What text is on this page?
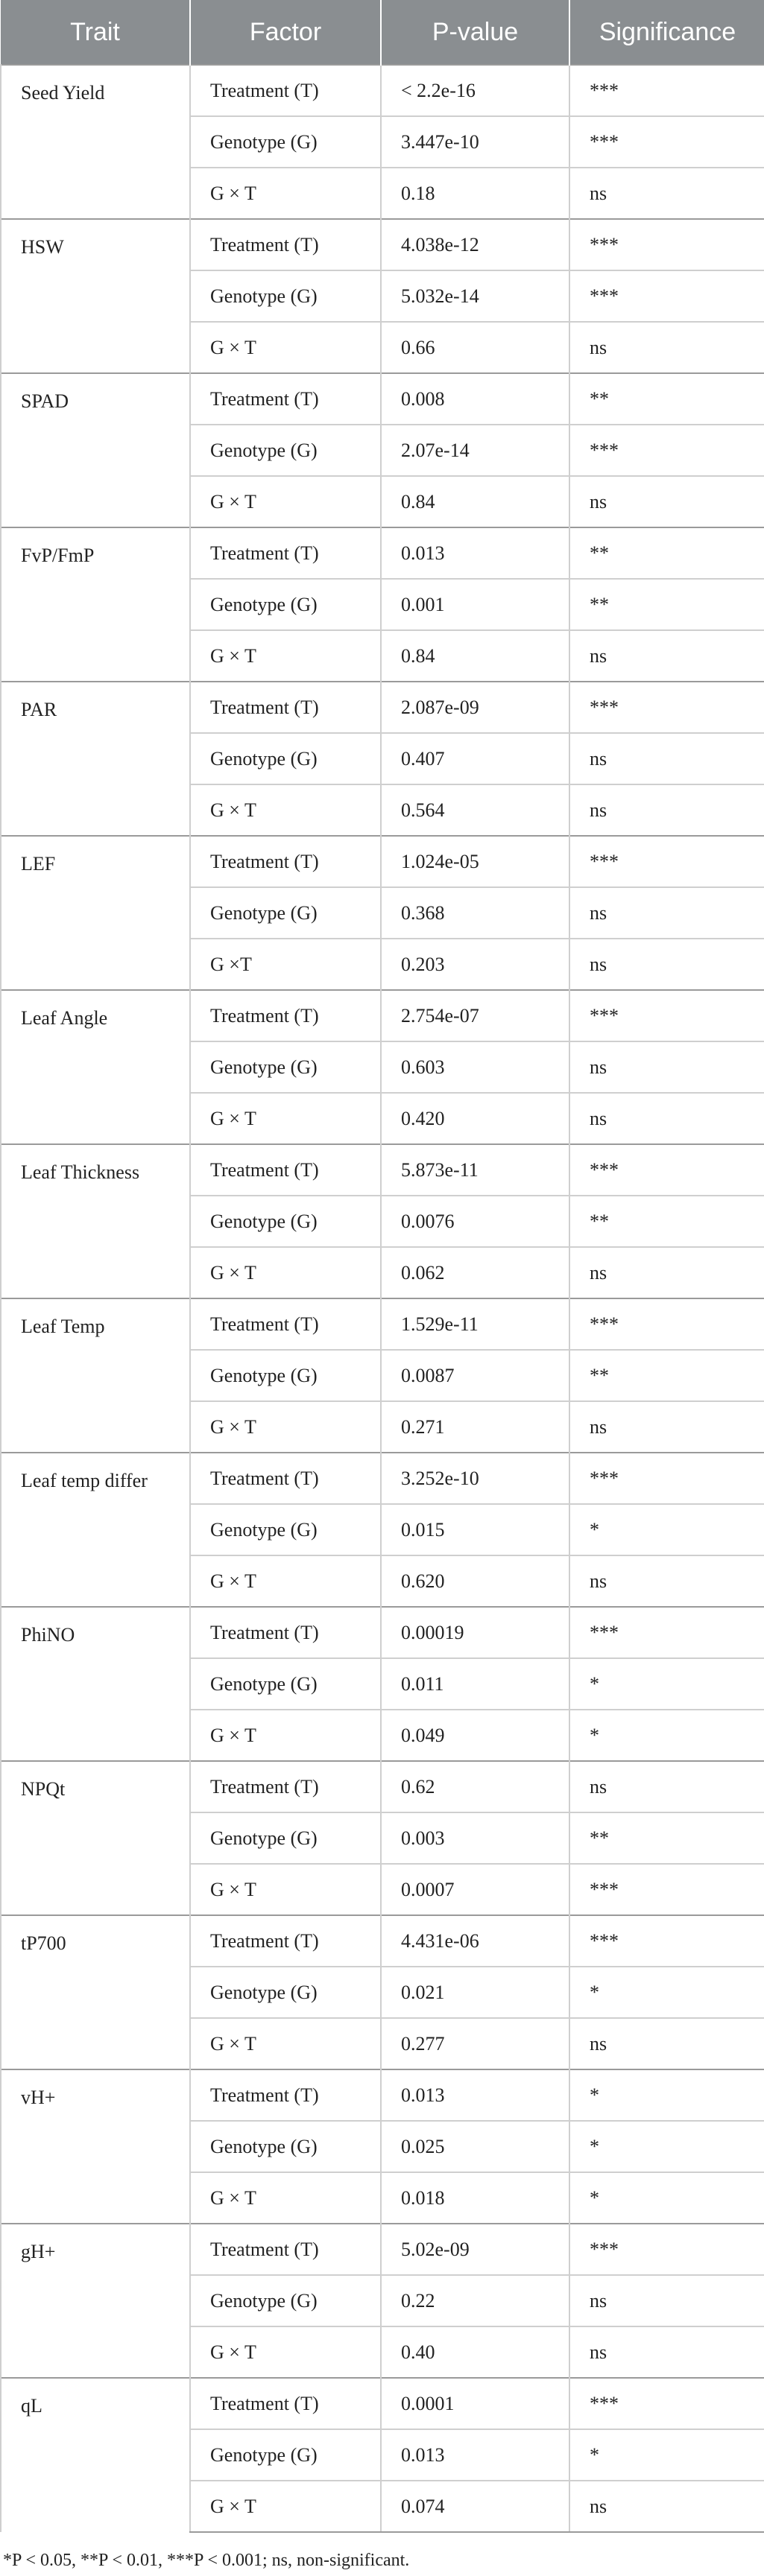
Trait	Factor	P-value	Significance
Seed Yield	Treatment (T)	< 2.2e-16	***
	Genotype (G)	3.447e-10	***
	G × T	0.18	ns
HSW	Treatment (T)	4.038e-12	***
	Genotype (G)	5.032e-14	***
	G × T	0.66	ns
SPAD	Treatment (T)	0.008	**
	Genotype (G)	2.07e-14	***
	G × T	0.84	ns
FvP/FmP	Treatment (T)	0.013	**
	Genotype (G)	0.001	**
	G × T	0.84	ns
PAR	Treatment (T)	2.087e-09	***
	Genotype (G)	0.407	ns
	G × T	0.564	ns
LEF	Treatment (T)	1.024e-05	***
	Genotype (G)	0.368	ns
	G ×T	0.203	ns
Leaf Angle	Treatment (T)	2.754e-07	***
	Genotype (G)	0.603	ns
	G × T	0.420	ns
Leaf Thickness	Treatment (T)	5.873e-11	***
	Genotype (G)	0.0076	**
	G × T	0.062	ns
Leaf Temp	Treatment (T)	1.529e-11	***
	Genotype (G)	0.0087	**
	G × T	0.271	ns
Leaf temp differ	Treatment (T)	3.252e-10	***
	Genotype (G)	0.015	*
	G × T	0.620	ns
PhiNO	Treatment (T)	0.00019	***
	Genotype (G)	0.011	*
	G × T	0.049	*
NPQt	Treatment (T)	0.62	ns
	Genotype (G)	0.003	**
	G × T	0.0007	***
tP700	Treatment (T)	4.431e-06	***
	Genotype (G)	0.021	*
	G × T	0.277	ns
vH+	Treatment (T)	0.013	*
	Genotype (G)	0.025	*
	G × T	0.018	*
gH+	Treatment (T)	5.02e-09	***
	Genotype (G)	0.22	ns
	G × T	0.40	ns
qL	Treatment (T)	0.0001	***
	Genotype (G)	0.013	*
	G × T	0.074	ns
*P < 0.05, **P < 0.01, ***P < 0.001; ns, non-significant.
